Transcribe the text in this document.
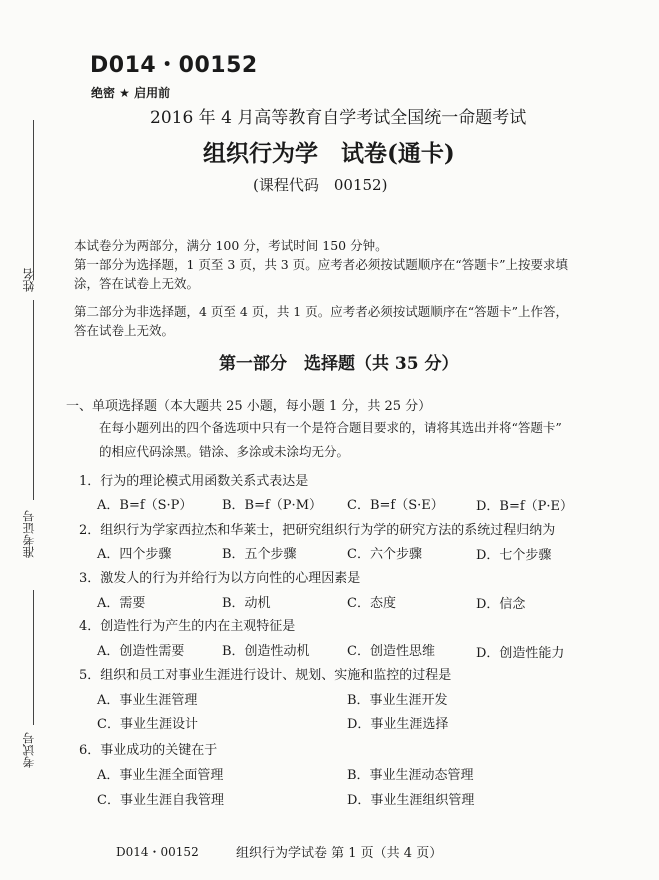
姓名
准考证号
考试号
D014・00152
绝密 ★ 启用前
2016 年 4 月高等教育自学考试全国统一命题考试
组织行为学　试卷(通卡)
(课程代码　00152)
本试卷分为两部分，满分 100 分，考试时间 150 分钟。
第一部分为选择题，1 页至 3 页，共 3 页。应考者必须按试题顺序在“答题卡”上按要求填
涂，答在试卷上无效。
第二部分为非选择题，4 页至 4 页，共 1 页。应考者必须按试题顺序在“答题卡”上作答，
答在试卷上无效。
第一部分　选择题（共 35 分）
一、单项选择题（本大题共 25 小题，每小题 1 分，共 25 分）
在每小题列出的四个备选项中只有一个是符合题目要求的，请将其选出并将“答题卡”
的相应代码涂黑。错涂、多涂或未涂均无分。
1．行为的理论模式用函数关系式表达是
A．B=f（S·P） B．B=f（P·M） C．B=f（S·E） D．B=f（P·E）
2．组织行为学家西拉杰和华莱士，把研究组织行为学的研究方法的系统过程归纳为
A．四个步骤	B．五个步骤	C．六个步骤	D．七个步骤
3．激发人的行为并给行为以方向性的心理因素是
A．需要	B．动机	C．态度	D．信念
4．创造性行为产生的内在主观特征是
A．创造性需要	B．创造性动机	C．创造性思维	D．创造性能力
5．组织和员工对事业生涯进行设计、规划、实施和监控的过程是
A．事业生涯管理	B．事业生涯开发
C．事业生涯设计	D．事业生涯选择
6．事业成功的关键在于
A．事业生涯全面管理	B．事业生涯动态管理
C．事业生涯自我管理	D．事业生涯组织管理
D014・00152	组织行为学试卷 第 1 页（共 4 页）
